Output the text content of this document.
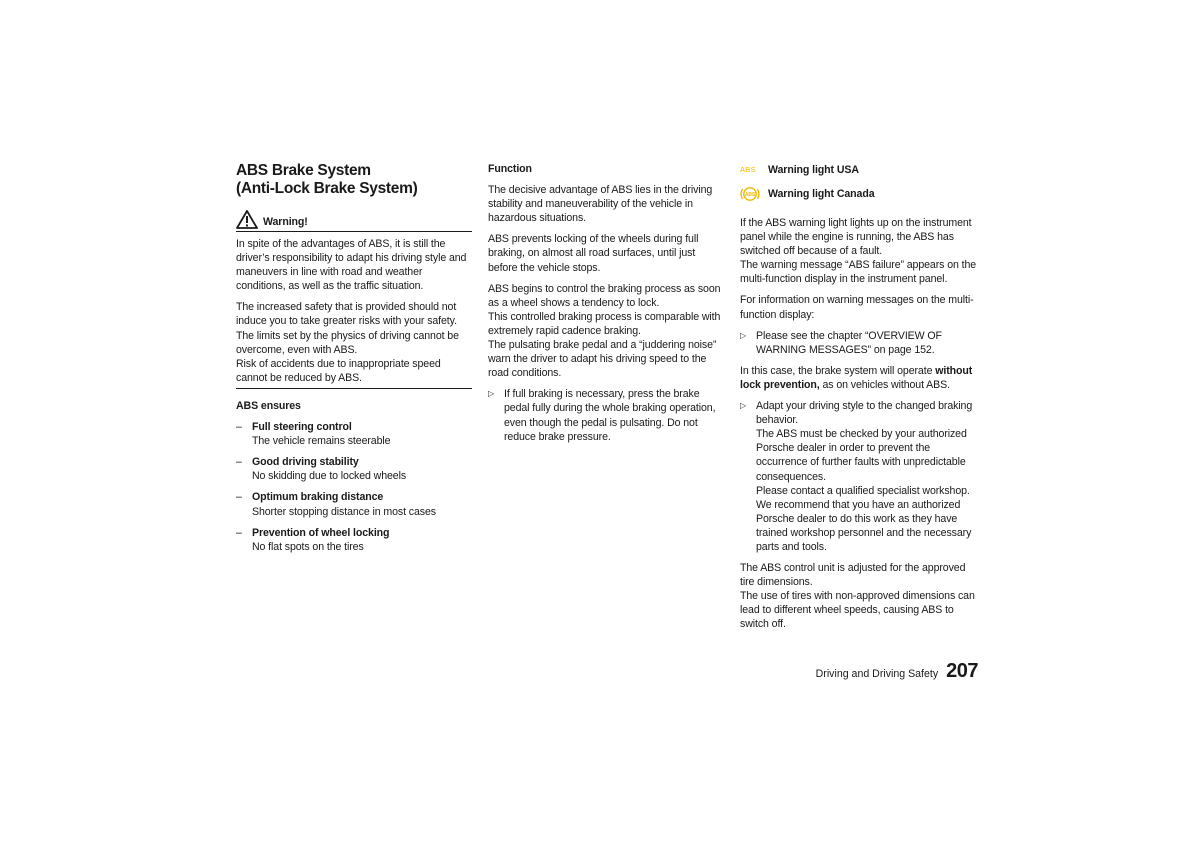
ABS Brake System
(Anti-Lock Brake System)
Warning!

In spite of the advantages of ABS, it is still the driver’s responsibility to adapt his driving style and maneuvers in line with road and weather conditions, as well as the traffic situation.

The increased safety that is provided should not induce you to take greater risks with your safety. The limits set by the physics of driving cannot be overcome, even with ABS.
Risk of accidents due to inappropriate speed cannot be reduced by ABS.

ABS ensures
– Full steering control
The vehicle remains steerable
– Good driving stability
No skidding due to locked wheels
– Optimum braking distance
Shorter stopping distance in most cases
– Prevention of wheel locking
No flat spots on the tires
Function

The decisive advantage of ABS lies in the driving stability and maneuverability of the vehicle in hazardous situations.

ABS prevents locking of the wheels during full braking, on almost all road surfaces, until just before the vehicle stops.

ABS begins to control the braking process as soon as a wheel shows a tendency to lock.
This controlled braking process is comparable with extremely rapid cadence braking.
The pulsating brake pedal and a “juddering noise” warn the driver to adapt his driving speed to the road conditions.

▷ If full braking is necessary, press the brake pedal fully during the whole braking operation, even though the pedal is pulsating. Do not reduce brake pressure.
ABS Warning light USA
(ABS) Warning light Canada

If the ABS warning light lights up on the instrument panel while the engine is running, the ABS has switched off because of a fault.
The warning message “ABS failure” appears on the multi-function display in the instrument panel.

For information on warning messages on the multi-function display:

▷ Please see the chapter “OVERVIEW OF WARNING MESSAGES” on page 152.

In this case, the brake system will operate without lock prevention, as on vehicles without ABS.

▷ Adapt your driving style to the changed braking behavior.
The ABS must be checked by your authorized Porsche dealer in order to prevent the occurrence of further faults with unpredictable consequences.
Please contact a qualified specialist workshop. We recommend that you have an authorized Porsche dealer to do this work as they have trained workshop personnel and the necessary parts and tools.

The ABS control unit is adjusted for the approved tire dimensions.
The use of tires with non-approved dimensions can lead to different wheel speeds, causing ABS to switch off.

Driving and Driving Safety 207
